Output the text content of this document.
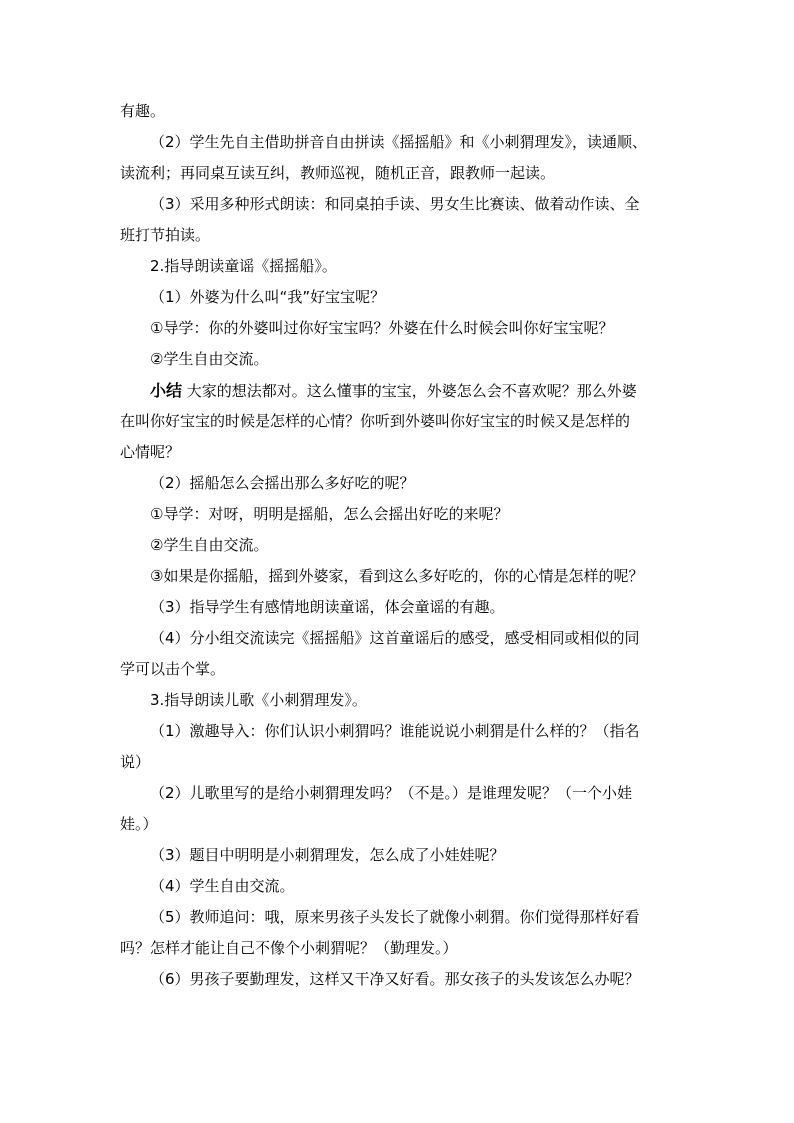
有趣。
（2）学生先自主借助拼音自由拼读《摇摇船》和《小刺猬理发》，读通顺、
读流利；再同桌互读互纠，教师巡视，随机正音，跟教师一起读。
（3）采用多种形式朗读：和同桌拍手读、男女生比赛读、做着动作读、全
班打节拍读。
2.指导朗读童谣《摇摇船》。
（1）外婆为什么叫“我”好宝宝呢？
①导学：你的外婆叫过你好宝宝吗？外婆在什么时候会叫你好宝宝呢？
②学生自由交流。
小结 大家的想法都对。这么懂事的宝宝，外婆怎么会不喜欢呢？那么外婆
在叫你好宝宝的时候是怎样的心情？你听到外婆叫你好宝宝的时候又是怎样的
心情呢？
（2）摇船怎么会摇出那么多好吃的呢？
①导学：对呀，明明是摇船，怎么会摇出好吃的来呢？
②学生自由交流。
③如果是你摇船，摇到外婆家，看到这么多好吃的，你的心情是怎样的呢？
（3）指导学生有感情地朗读童谣，体会童谣的有趣。
（4）分小组交流读完《摇摇船》这首童谣后的感受，感受相同或相似的同
学可以击个掌。
3.指导朗读儿歌《小刺猬理发》。
（1）激趣导入：你们认识小刺猬吗？谁能说说小刺猬是什么样的？（指名
说）
（2）儿歌里写的是给小刺猬理发吗？（不是。）是谁理发呢？（一个小娃
娃。）
（3）题目中明明是小刺猬理发，怎么成了小娃娃呢？
（4）学生自由交流。
（5）教师追问：哦，原来男孩子头发长了就像小刺猬。你们觉得那样好看
吗？怎样才能让自己不像个小刺猬呢？（勤理发。）
（6）男孩子要勤理发，这样又干净又好看。那女孩子的头发该怎么办呢？
